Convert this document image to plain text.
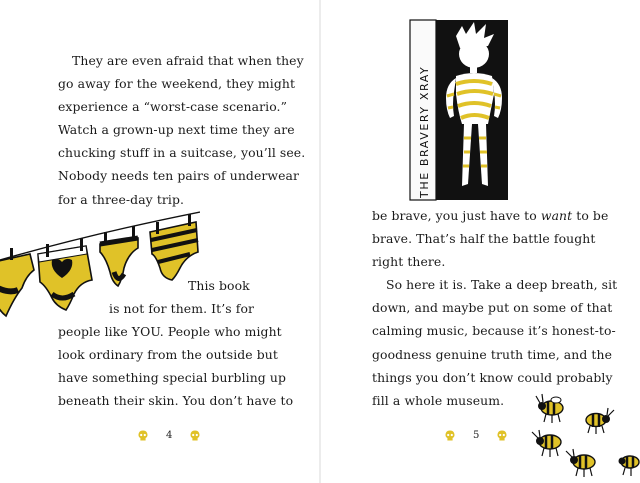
They are even afraid that when they
go away for the weekend, they might
experience a “worst-case scenario.”
Watch a grown-up next time they are
chucking stuff in a suitcase, you’ll see.
Nobody needs ten pairs of underwear
for a three-day trip.
This book
is not for them. It’s for
people like YOU. People who might
look ordinary from the outside but
have something special burbling up
beneath their skin. You don’t have to
4
be brave, you just have to want to be
brave. That’s half the battle fought
right there.
So here it is. Take a deep breath, sit
down, and maybe put on some of that
calming music, because it’s honest-to-
goodness genuine truth time, and the
things you don’t know could probably
fill a whole museum.
5
THE BRAVERY XRAY
